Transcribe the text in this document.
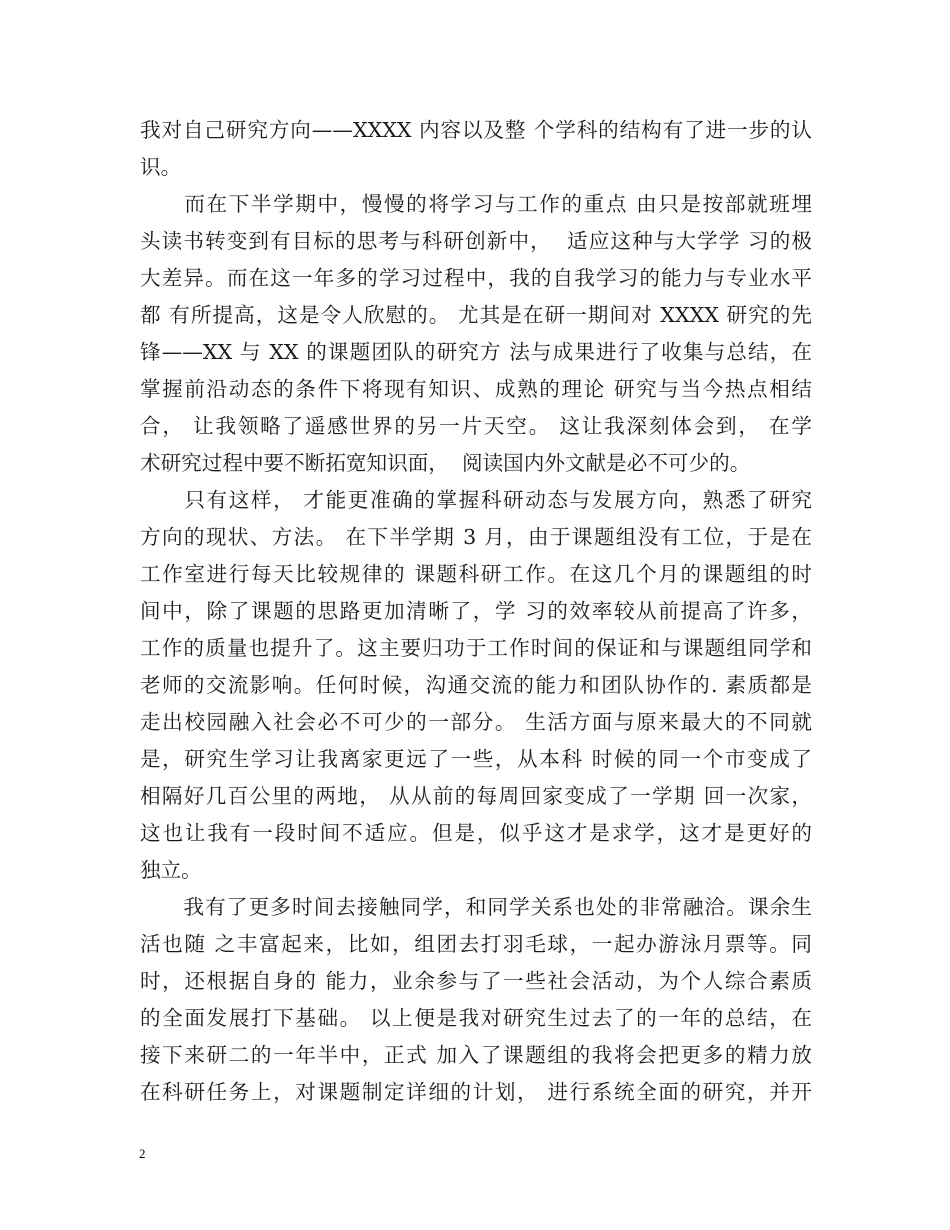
我对自己研究方向——XXXX 内容以及整 个学科的结构有了进一步的认
识。
　　而在下半学期中，慢慢的将学习与工作的重点 由只是按部就班埋
头读书转变到有目标的思考与科研创新中，  适应这种与大学学 习的极
大差异。而在这一年多的学习过程中，我的自我学习的能力与专业水平
都 有所提高，这是令人欣慰的。 尤其是在研一期间对 XXXX 研究的先
锋——XX 与 XX 的课题团队的研究方 法与成果进行了收集与总结，在
掌握前沿动态的条件下将现有知识、成熟的理论 研究与当今热点相结
合， 让我领略了遥感世界的另一片天空。 这让我深刻体会到， 在学
术研究过程中要不断拓宽知识面，  阅读国内外文献是必不可少的。
　　只有这样， 才能更准确的掌握科研动态与发展方向，熟悉了研究
方向的现状、方法。 在下半学期 3 月，由于课题组没有工位，于是在
工作室进行每天比较规律的 课题科研工作。在这几个月的课题组的时
间中，除了课题的思路更加清晰了，学 习的效率较从前提高了许多，
工作的质量也提升了。这主要归功于工作时间的保证和与课题组同学和
老师的交流影响。任何时候，沟通交流的能力和团队协作的. 素质都是
走出校园融入社会必不可少的一部分。 生活方面与原来最大的不同就
是，研究生学习让我离家更远了一些，从本科 时候的同一个市变成了
相隔好几百公里的两地， 从从前的每周回家变成了一学期 回一次家，
这也让我有一段时间不适应。但是，似乎这才是求学，这才是更好的
独立。
　　我有了更多时间去接触同学，和同学关系也处的非常融洽。课余生
活也随 之丰富起来，比如，组团去打羽毛球，一起办游泳月票等。同
时，还根据自身的 能力，业余参与了一些社会活动，为个人综合素质
的全面发展打下基础。 以上便是我对研究生过去了的一年的总结，在
接下来研二的一年半中，正式 加入了课题组的我将会把更多的精力放
在科研任务上，对课题制定详细的计划， 进行系统全面的研究，并开
2
